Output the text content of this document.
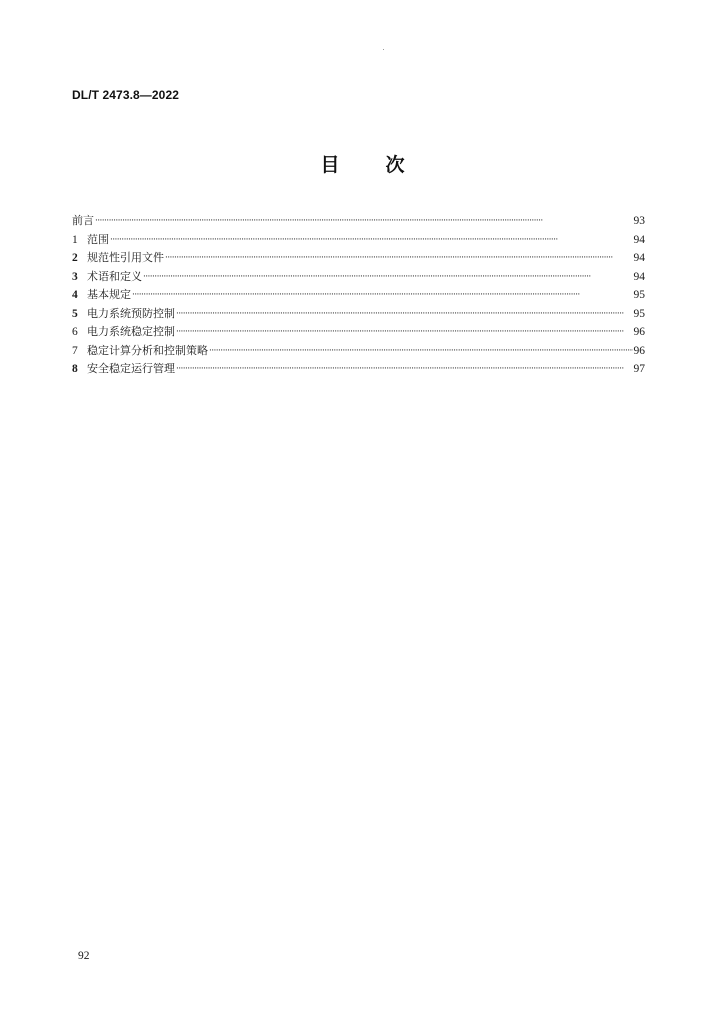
DL/T 2473.8—2022
目 次
前言 ·····	93
1 范围 ·····	94
2 规范性引用文件 ·····	94
3 术语和定义 ·····	94
4 基本规定 ·····	95
5 电力系统预防控制 ·····	95
6 电力系统稳定控制 ·····	96
7 稳定计算分析和控制策略 ·····	96
8 安全稳定运行管理 ·····	97
92
